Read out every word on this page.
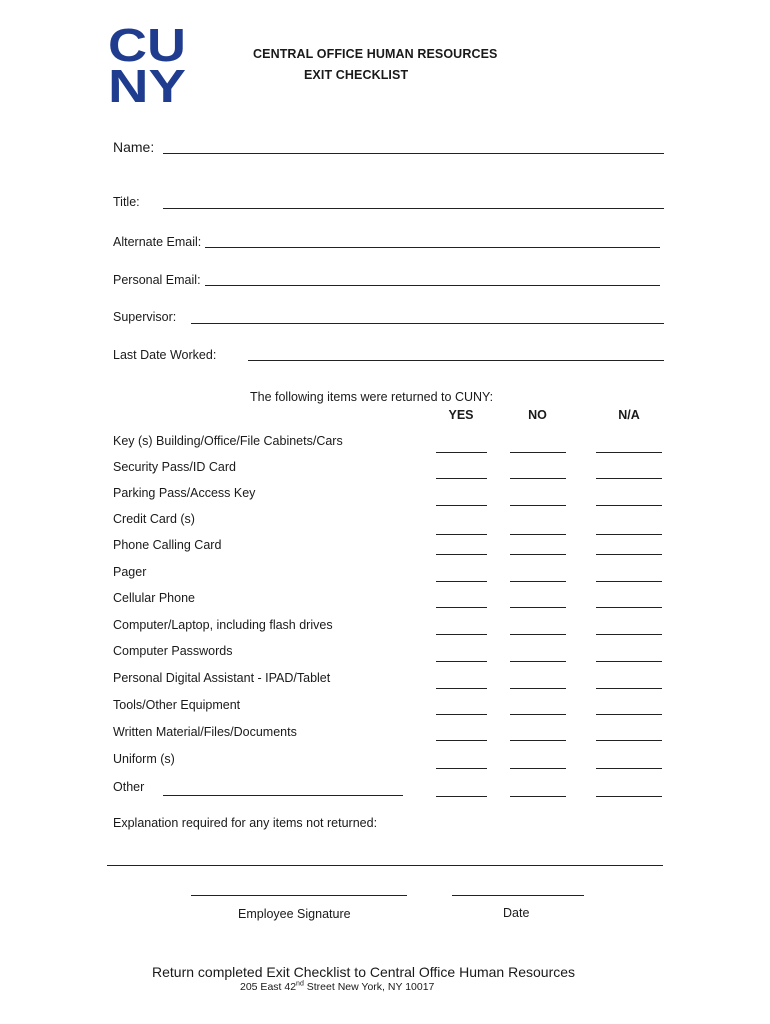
CU
NY
CENTRAL OFFICE HUMAN RESOURCES
EXIT CHECKLIST
Name:
Title:
Alternate Email:
Personal Email:
Supervisor:
Last Date Worked:
The following items were returned to CUNY:
YES	NO	N/A
Key (s) Building/Office/File Cabinets/Cars
Security Pass/ID Card
Parking Pass/Access Key
Credit Card (s)
Phone Calling Card
Pager
Cellular Phone
Computer/Laptop, including flash drives
Computer Passwords
Personal Digital Assistant - IPAD/Tablet
Tools/Other Equipment
Written Material/Files/Documents
Uniform (s)
Other
Explanation required for any items not returned:
Employee Signature	Date
Return completed Exit Checklist to Central Office Human Resources
205 East 42nd Street New York, NY 10017
